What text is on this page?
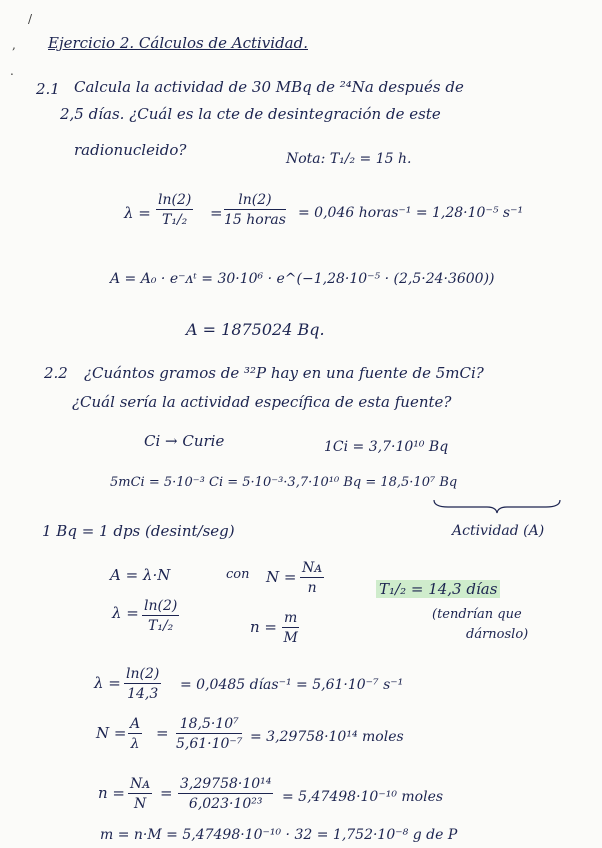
/
,
.
Ejercicio 2. Cálculos de Actividad.
2.1 Calcula la actividad de 30 MBq de ²⁴Na después de
2,5 días. ¿Cuál es la cte de desintegración de este
radionucleido?	Nota: T₁/₂ = 15 h.
$\lambda = \frac{\ln(2)}{\text{T₁/₂}}$ =
ln(2)
15 horas = 0,046 horas⁻¹ = 1,28·10⁻⁵ s⁻¹
A = A₀ · e⁻ᴧᵗ = 30·10⁶ · e^(−1,28·10⁻⁵ · (2,5·24·3600))
A = 1875024 Bq.
2.2 ¿Cuántos gramos de ³²P hay en una fuente de 5mCi?
¿Cuál sería la actividad específica de esta fuente?
Ci → Curie	1Ci = 3,7·10¹⁰ Bq
5mCi = 5·10⁻³ Ci = 5·10⁻³·3,7·10¹⁰ Bq = 18,5·10⁷ Bq
Actividad (A)
1 Bq = 1 dps (desint/seg)
A = λ·N	con $N = \frac{\text{Nᴀ}}{n}$	T₁/₂ = 14,3 días
(tendrían que
dárnoslo)
$\lambda = \frac{\ln(2)}{\text{T₁/₂}}$	$n = \frac{m}{M}$
$\lambda = \frac{\ln(2)}{14,3} = 0,0485$ días⁻¹ = 5,61·10⁻⁷ s⁻¹
$N = \frac{A}{\lambda} = \frac{\text{18,5·10⁷}}{\text{5,61·10⁻⁷}} = 3,29758\cdot 10^{14}$ moles
$n = \frac{\text{Nᴀ}}{N} = \frac{\text{3,29758·10¹⁴}}{\text{6,023·10²³}} = 5,47498\cdot 10^{-10}$ moles
m = n·M = 5,47498·10⁻¹⁰ · 32 = 1,752·10⁻⁸ g de P
